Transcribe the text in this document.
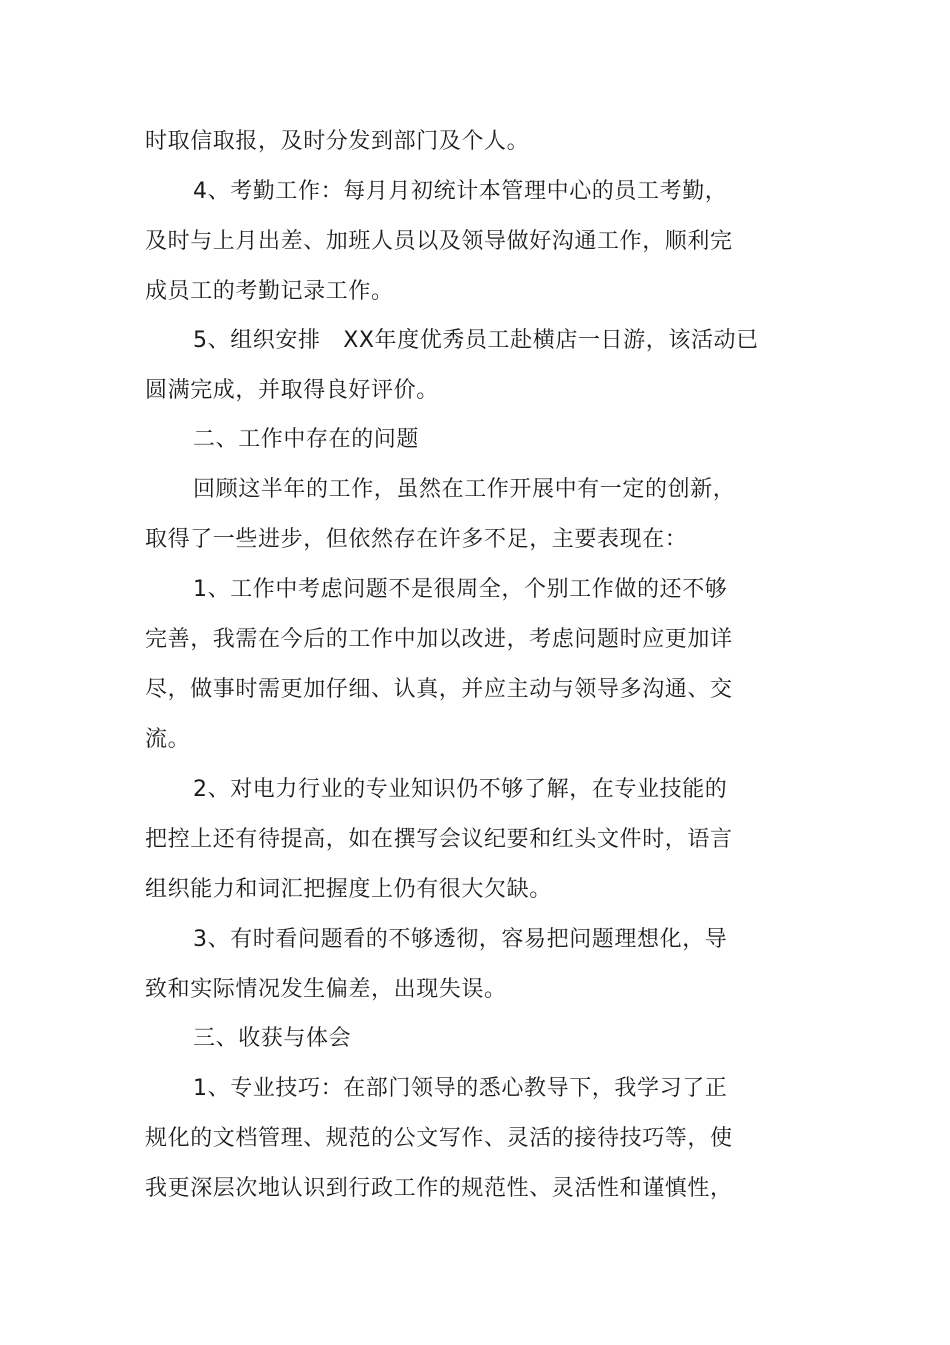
时取信取报，及时分发到部门及个人。
4、考勤工作：每月月初统计本管理中心的员工考勤，
及时与上月出差、加班人员以及领导做好沟通工作，顺利完
成员工的考勤记录工作。
5、组织安排　XX年度优秀员工赴横店一日游，该活动已
圆满完成，并取得良好评价。
二、工作中存在的问题
回顾这半年的工作，虽然在工作开展中有一定的创新，
取得了一些进步，但依然存在许多不足，主要表现在：
1、工作中考虑问题不是很周全，个别工作做的还不够
完善，我需在今后的工作中加以改进，考虑问题时应更加详
尽，做事时需更加仔细、认真，并应主动与领导多沟通、交
流。
2、对电力行业的专业知识仍不够了解，在专业技能的
把控上还有待提高，如在撰写会议纪要和红头文件时，语言
组织能力和词汇把握度上仍有很大欠缺。
3、有时看问题看的不够透彻，容易把问题理想化，导
致和实际情况发生偏差，出现失误。
三、收获与体会
1、专业技巧：在部门领导的悉心教导下，我学习了正
规化的文档管理、规范的公文写作、灵活的接待技巧等，使
我更深层次地认识到行政工作的规范性、灵活性和谨慎性，
